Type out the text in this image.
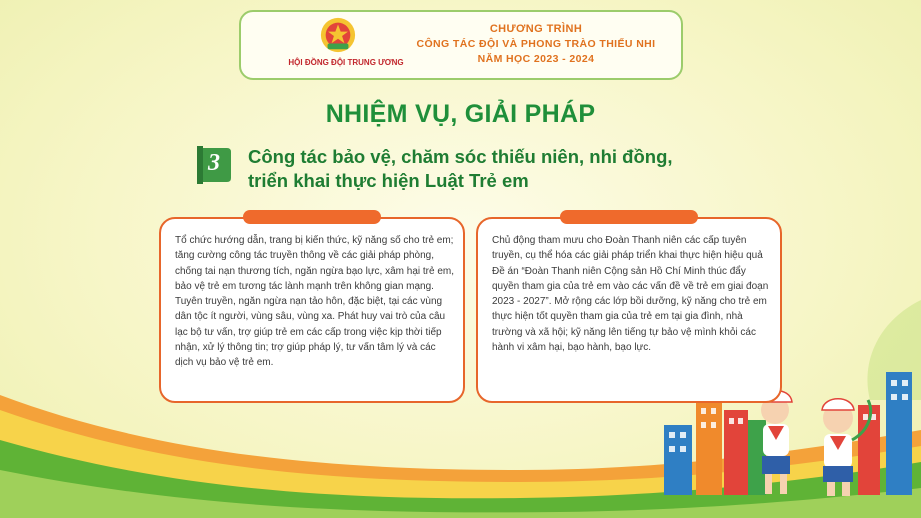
HỘI ĐỒNG ĐỘI TRUNG ƯƠNG
CHƯƠNG TRÌNH
CÔNG TÁC ĐỘI VÀ PHONG TRÀO THIẾU NHI
NĂM HỌC 2023 - 2024
NHIỆM VỤ, GIẢI PHÁP
3	Công tác bảo vệ, chăm sóc thiếu niên, nhi đồng,
triển khai thực hiện Luật Trẻ em

Tổ chức hướng dẫn, trang bị kiến thức, kỹ năng số cho trẻ em; tăng cường công tác truyền thông về các giải pháp phòng, chống tai nạn thương tích, ngăn ngừa bạo lực, xâm hại trẻ em, bảo vệ trẻ em tương tác lành mạnh trên không gian mạng. Tuyên truyền, ngăn ngừa nạn tảo hôn, đặc biệt, tại các vùng dân tộc ít người, vùng sâu, vùng xa. Phát huy vai trò của câu lạc bộ tư vấn, trợ giúp trẻ em các cấp trong việc kịp thời tiếp nhận, xử lý thông tin; trợ giúp pháp lý, tư vấn tâm lý và các dịch vụ bảo vệ trẻ em.

Chủ động tham mưu cho Đoàn Thanh niên các cấp tuyên truyền, cụ thể hóa các giải pháp triển khai thực hiện hiệu quả Đề án “Đoàn Thanh niên Cộng sản Hồ Chí Minh thúc đẩy quyền tham gia của trẻ em vào các vấn đề về trẻ em giai đoạn 2023 - 2027”. Mở rộng các lớp bồi dưỡng, kỹ năng cho trẻ em thực hiện tốt quyền tham gia của trẻ em tại gia đình, nhà trường và xã hội; kỹ năng lên tiếng tự bảo vệ mình khỏi các hành vi xâm hại, bạo hành, bạo lực.
